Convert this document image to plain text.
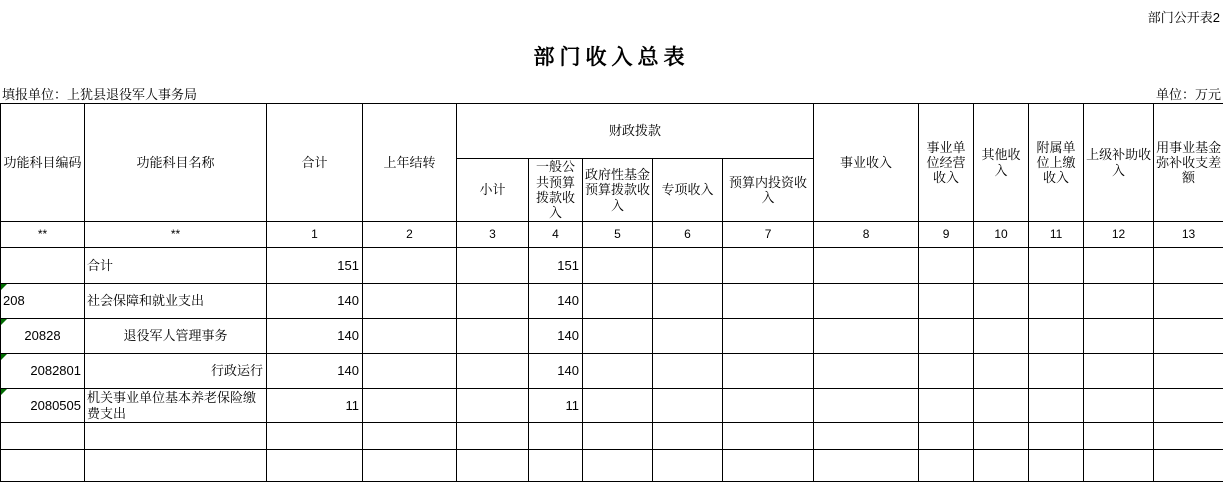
部门公开表2
部门收入总表
填报单位：上犹县退役军人事务局	单位：万元
功能科目编码	功能科目名称	合计	上年结转	财政拨款					事业收入	事业单位经营收入	其他收入	附属单位上缴收入	上级补助收入	用事业基金弥补收支差额
				小计	一般公共预算拨款收入	政府性基金预算拨款收入	专项收入	预算内投资收入						
**	**	1	2	3	4	5	6	7	8	9	10	11	12	13
	合计	151			151									

208	社会保障和就业支出	140			140									

20828	退役军人管理事务	140			140									

2082801	行政运行	140			140									

2080505	机关事业单位基本养老保险缴费支出	11			11									
